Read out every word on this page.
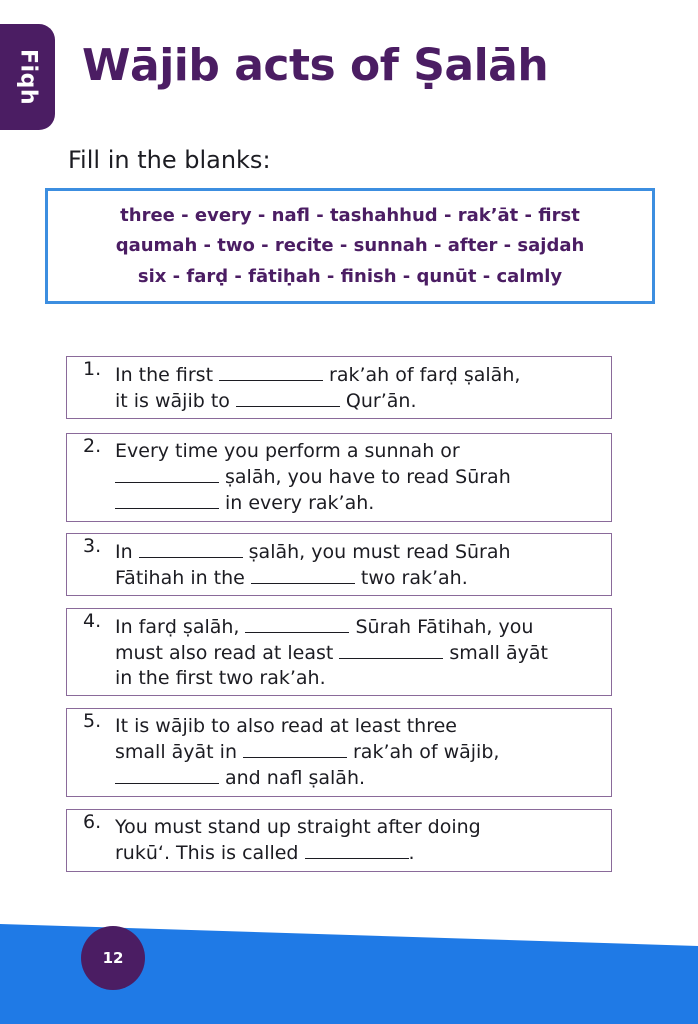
Fiqh Wājib acts of Ṣalāh
Fill in the blanks:
three - every - nafl - tashahhud - rak’āt - first
qaumah - two - recite - sunnah - after - sajdah
six - farḍ - fātiḥah - finish - qunūt - calmly
1. In the first	rak’ah of farḍ ṣalāh,
it is wājib to	Qur’ān.
2. Every time you perform a sunnah or
ṣalāh, you have to read Sūrah
in every rak’ah.
3. In	ṣalāh, you must read Sūrah
Fātihah in the	two rak’ah.
4. In farḍ ṣalāh,	Sūrah Fātihah, you
must also read at least	small āyāt
in the first two rak’ah.
5. It is wājib to also read at least three
small āyāt in	rak’ah of wājib,
and nafl ṣalāh.
6. You must stand up straight after doing
rukū‘. This is called	.
12
